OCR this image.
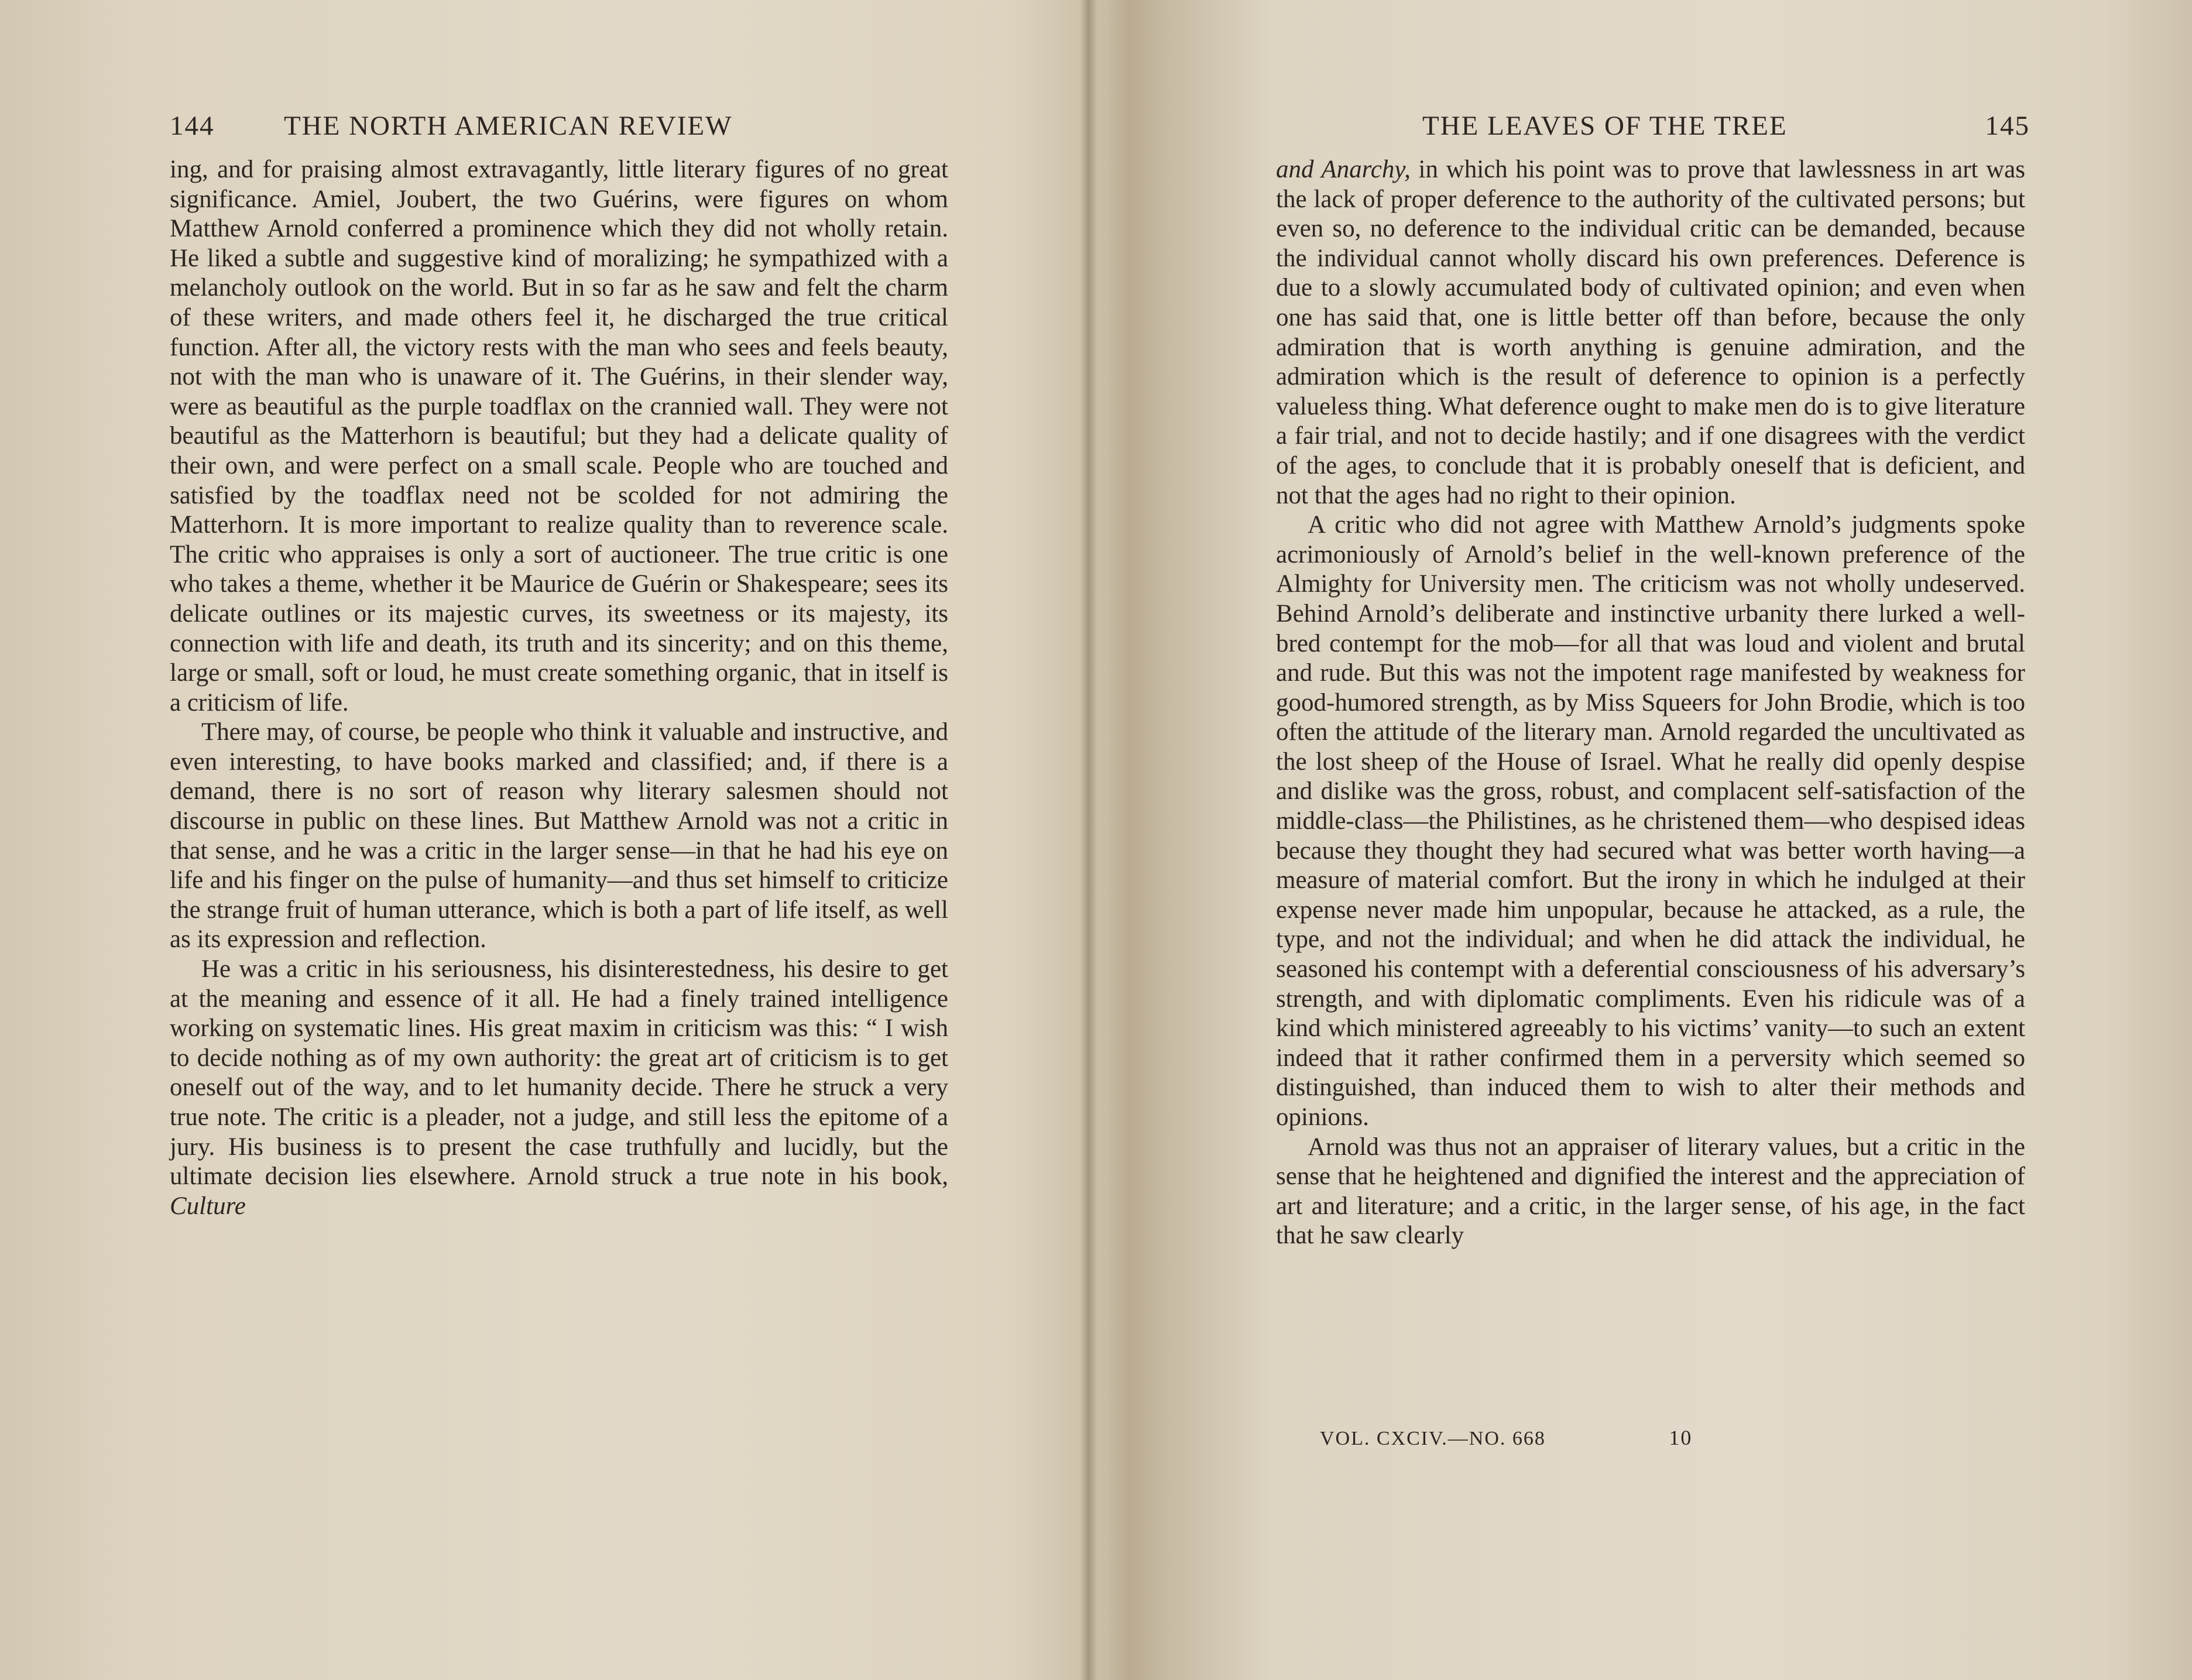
144	THE NORTH AMERICAN REVIEW

ing, and for praising almost extravagantly, little literary figures of no great significance. Amiel, Joubert, the two Guérins, were figures on whom Matthew Arnold conferred a prominence which they did not wholly retain. He liked a subtle and suggestive kind of moralizing; he sympathized with a melancholy outlook on the world. But in so far as he saw and felt the charm of these writers, and made others feel it, he discharged the true critical function. After all, the victory rests with the man who sees and feels beauty, not with the man who is unaware of it. The Guérins, in their slender way, were as beautiful as the purple toadflax on the crannied wall. They were not beautiful as the Matterhorn is beautiful; but they had a delicate quality of their own, and were perfect on a small scale. People who are touched and satisfied by the toadflax need not be scolded for not admiring the Matterhorn. It is more important to realize quality than to reverence scale. The critic who appraises is only a sort of auctioneer. The true critic is one who takes a theme, whether it be Maurice de Guérin or Shakespeare; sees its delicate outlines or its majestic curves, its sweetness or its majesty, its connection with life and death, its truth and its sincerity; and on this theme, large or small, soft or loud, he must create something organic, that in itself is a criticism of life.

There may, of course, be people who think it valuable and instructive, and even interesting, to have books marked and classified; and, if there is a demand, there is no sort of reason why literary salesmen should not discourse in public on these lines. But Matthew Arnold was not a critic in that sense, and he was a critic in the larger sense—in that he had his eye on life and his finger on the pulse of humanity—and thus set himself to criticize the strange fruit of human utterance, which is both a part of life itself, as well as its expression and reflection.

He was a critic in his seriousness, his disinterestedness, his desire to get at the meaning and essence of it all. He had a finely trained intelligence working on systematic lines. His great maxim in criticism was this: “ I wish to decide nothing as of my own authority: the great art of criticism is to get oneself out of the way, and to let humanity decide. There he struck a very true note. The critic is a pleader, not a judge, and still less the epitome of a jury. His business is to present the case truthfully and lucidly, but the ultimate decision lies elsewhere. Arnold struck a true note in his book, Culture

THE LEAVES OF THE TREE	145

and Anarchy, in which his point was to prove that lawlessness in art was the lack of proper deference to the authority of the cultivated persons; but even so, no deference to the individual critic can be demanded, because the individual cannot wholly discard his own preferences. Deference is due to a slowly accumulated body of cultivated opinion; and even when one has said that, one is little better off than before, because the only admiration that is worth anything is genuine admiration, and the admiration which is the result of deference to opinion is a perfectly valueless thing. What deference ought to make men do is to give literature a fair trial, and not to decide hastily; and if one disagrees with the verdict of the ages, to conclude that it is probably oneself that is deficient, and not that the ages had no right to their opinion.

A critic who did not agree with Matthew Arnold’s judgments spoke acrimoniously of Arnold’s belief in the well-known preference of the Almighty for University men. The criticism was not wholly undeserved. Behind Arnold’s deliberate and instinctive urbanity there lurked a well-bred contempt for the mob—for all that was loud and violent and brutal and rude. But this was not the impotent rage manifested by weakness for good-humored strength, as by Miss Squeers for John Brodie, which is too often the attitude of the literary man. Arnold regarded the uncultivated as the lost sheep of the House of Israel. What he really did openly despise and dislike was the gross, robust, and complacent self-satisfaction of the middle-class—the Philistines, as he christened them—who despised ideas because they thought they had secured what was better worth having—a measure of material comfort. But the irony in which he indulged at their expense never made him unpopular, because he attacked, as a rule, the type, and not the individual; and when he did attack the individual, he seasoned his contempt with a deferential consciousness of his adversary’s strength, and with diplomatic compliments. Even his ridicule was of a kind which ministered agreeably to his victims’ vanity—to such an extent indeed that it rather confirmed them in a perversity which seemed so distinguished, than induced them to wish to alter their methods and opinions.

Arnold was thus not an appraiser of literary values, but a critic in the sense that he heightened and dignified the interest and the appreciation of art and literature; and a critic, in the larger sense, of his age, in the fact that he saw clearly

VOL. CXCIV.—NO. 668	10
